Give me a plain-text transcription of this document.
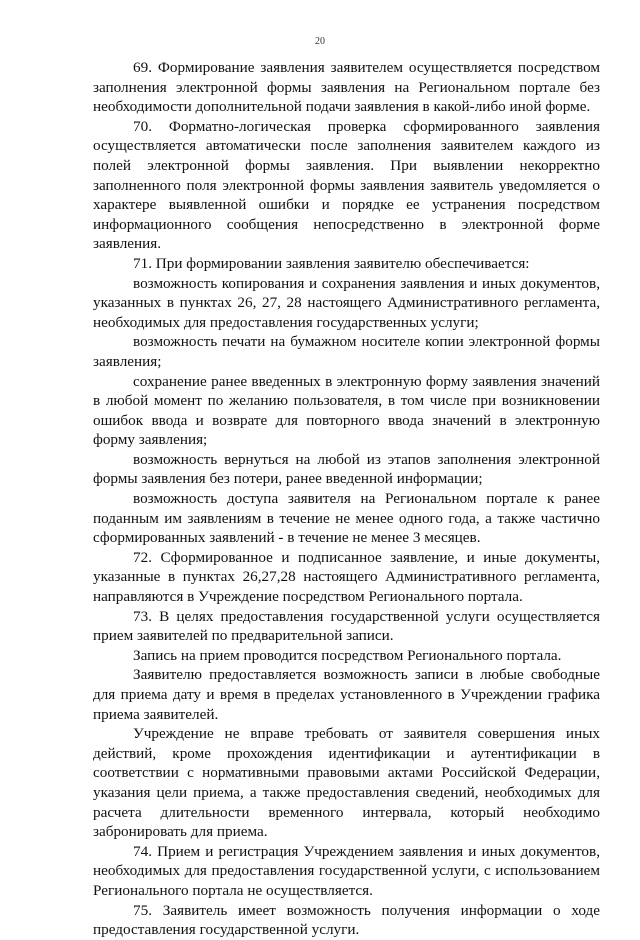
20

69. Формирование заявления заявителем осуществляется посредством заполнения электронной формы заявления на Региональном портале без необходимости дополнительной подачи заявления в какой-либо иной форме.

70. Форматно-логическая проверка сформированного заявления осуществляется автоматически после заполнения заявителем каждого из полей электронной формы заявления. При выявлении некорректно заполненного поля электронной формы заявления заявитель уведомляется о характере выявленной ошибки и порядке ее устранения посредством информационного сообщения непосредственно в электронной форме заявления.

71. При формировании заявления заявителю обеспечивается:

возможность копирования и сохранения заявления и иных документов, указанных в пунктах 26, 27, 28 настоящего Административного регламента, необходимых для предоставления государственных услуги;

возможность печати на бумажном носителе копии электронной формы заявления;

сохранение ранее введенных в электронную форму заявления значений в любой момент по желанию пользователя, в том числе при возникновении ошибок ввода и возврате для повторного ввода значений в электронную форму заявления;

возможность вернуться на любой из этапов заполнения электронной формы заявления без потери, ранее введенной информации;

возможность доступа заявителя на Региональном портале к ранее поданным им заявлениям в течение не менее одного года, а также частично сформированных заявлений - в течение не менее 3 месяцев.

72. Сформированное и подписанное заявление, и иные документы, указанные в пунктах 26,27,28 настоящего Административного регламента, направляются в Учреждение посредством Регионального портала.

73. В целях предоставления государственной услуги осуществляется прием заявителей по предварительной записи.

Запись на прием проводится посредством Регионального портала.

Заявителю предоставляется возможность записи в любые свободные для приема дату и время в пределах установленного в Учреждении графика приема заявителей.

Учреждение не вправе требовать от заявителя совершения иных действий, кроме прохождения идентификации и аутентификации в соответствии с нормативными правовыми актами Российской Федерации, указания цели приема, а также предоставления сведений, необходимых для расчета длительности временного интервала, который необходимо забронировать для приема.

74. Прием и регистрация Учреждением заявления и иных документов, необходимых для предоставления государственной услуги, с использованием Регионального портала не осуществляется.

75. Заявитель имеет возможность получения информации о ходе предоставления государственной услуги.
